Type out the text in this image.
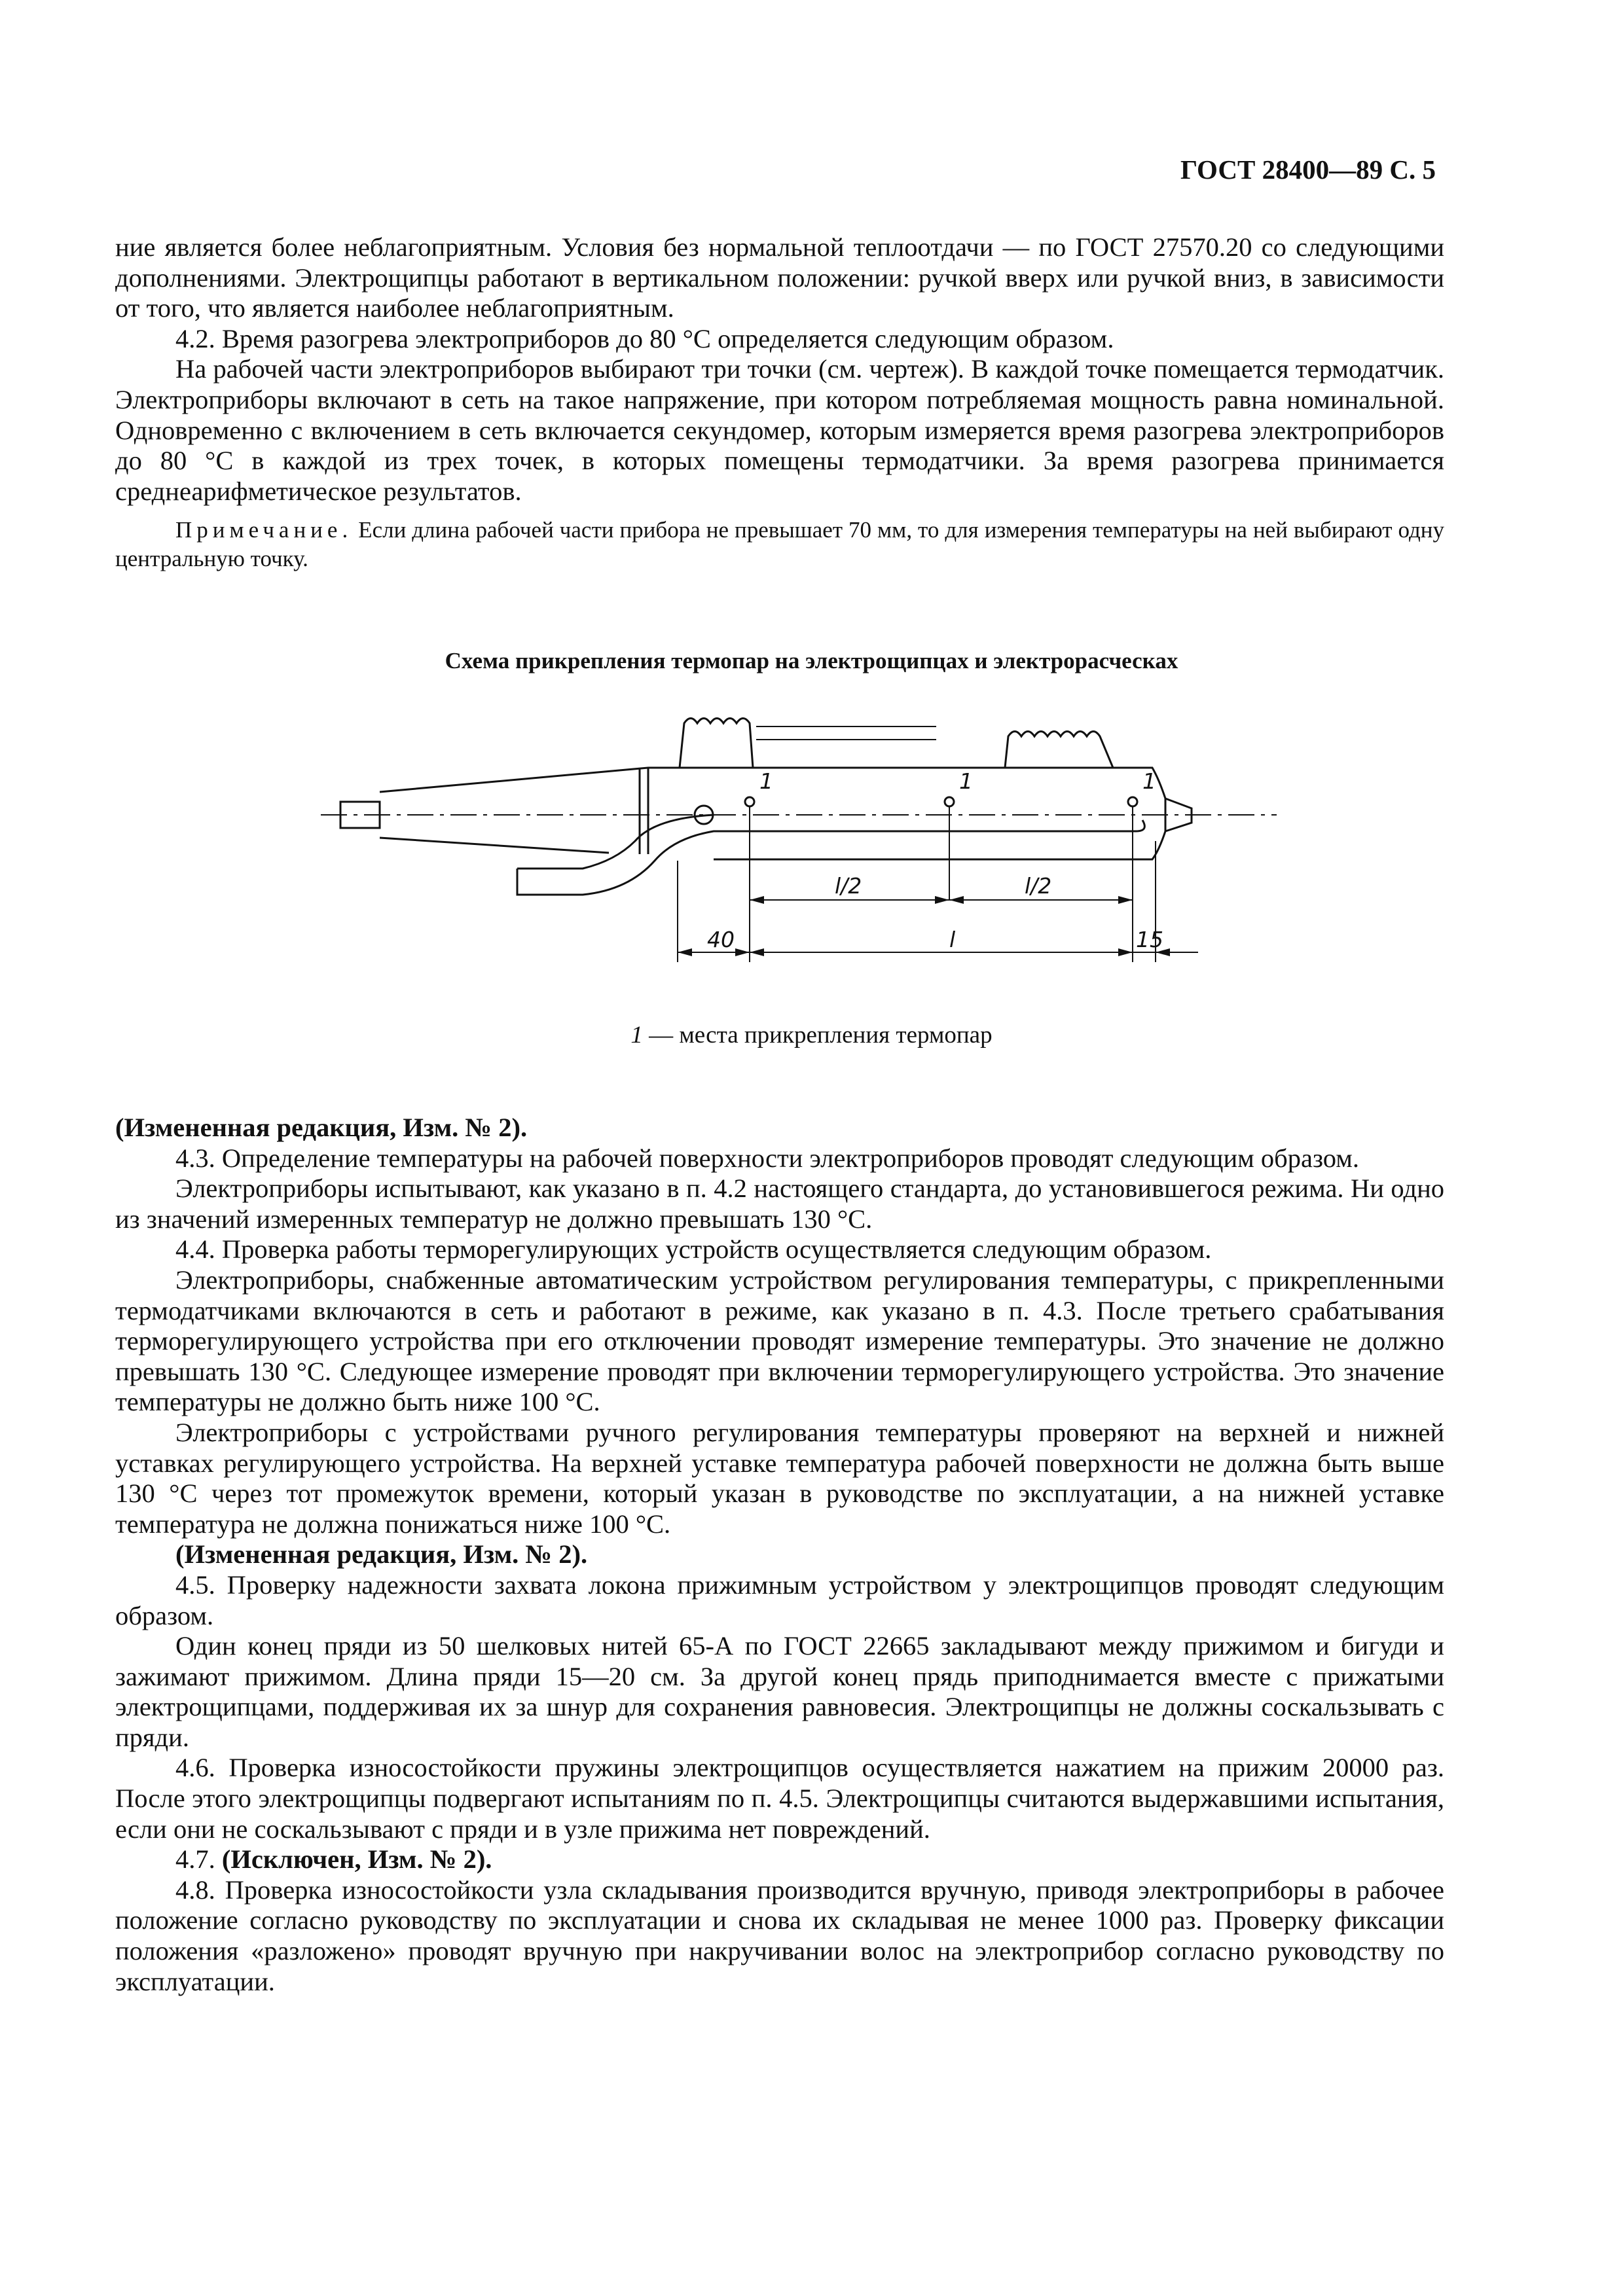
ГОСТ 28400—89 С. 5

ние является более неблагоприятным. Условия без нормальной теплоотдачи — по ГОСТ 27570.20 со следующими дополнениями. Электрощипцы работают в вертикальном положении: ручкой вверх или ручкой вниз, в зависимости от того, что является наиболее неблагоприятным.

4.2. Время разогрева электроприборов до 80 °С определяется следующим образом.

На рабочей части электроприборов выбирают три точки (см. чертеж). В каждой точке помещается термодатчик. Электроприборы включают в сеть на такое напряжение, при котором потребляемая мощность равна номинальной. Одновременно с включением в сеть включается секундомер, которым измеряется время разогрева электроприборов до 80 °С в каждой из трех точек, в которых помещены термодатчики. За время разогрева принимается среднеарифметическое результатов.

Примечание. Если длина рабочей части прибора не превышает 70 мм, то для измерения температуры на ней выбирают одну центральную точку.

Схема прикрепления термопар на электрощипцах и электрорасческах
1	1	1
l/2	l/2
40	l	15
1 — места прикрепления термопар

(Измененная редакция, Изм. № 2).

4.3. Определение температуры на рабочей поверхности электроприборов проводят следующим образом.

Электроприборы испытывают, как указано в п. 4.2 настоящего стандарта, до установившегося режима. Ни одно из значений измеренных температур не должно превышать 130 °С.

4.4. Проверка работы терморегулирующих устройств осуществляется следующим образом.

Электроприборы, снабженные автоматическим устройством регулирования температуры, с прикрепленными термодатчиками включаются в сеть и работают в режиме, как указано в п. 4.3. После третьего срабатывания терморегулирующего устройства при его отключении проводят измерение температуры. Это значение не должно превышать 130 °С. Следующее измерение проводят при включении терморегулирующего устройства. Это значение температуры не должно быть ниже 100 °С.

Электроприборы с устройствами ручного регулирования температуры проверяют на верхней и нижней уставках регулирующего устройства. На верхней уставке температура рабочей поверхности не должна быть выше 130 °С через тот промежуток времени, который указан в руководстве по эксплуатации, а на нижней уставке температура не должна понижаться ниже 100 °С.

(Измененная редакция, Изм. № 2).

4.5. Проверку надежности захвата локона прижимным устройством у электрощипцов проводят следующим образом.

Один конец пряди из 50 шелковых нитей 65-А по ГОСТ 22665 закладывают между прижимом и бигуди и зажимают прижимом. Длина пряди 15—20 см. За другой конец прядь приподнимается вместе с прижатыми электрощипцами, поддерживая их за шнур для сохранения равновесия. Электрощипцы не должны соскальзывать с пряди.

4.6. Проверка износостойкости пружины электрощипцов осуществляется нажатием на прижим 20000 раз. После этого электрощипцы подвергают испытаниям по п. 4.5. Электрощипцы считаются выдержавшими испытания, если они не соскальзывают с пряди и в узле прижима нет повреждений.

4.7. (Исключен, Изм. № 2).

4.8. Проверка износостойкости узла складывания производится вручную, приводя электроприборы в рабочее положение согласно руководству по эксплуатации и снова их складывая не менее 1000 раз. Проверку фиксации положения «разложено» проводят вручную при накручивании волос на электроприбор согласно руководству по эксплуатации.
